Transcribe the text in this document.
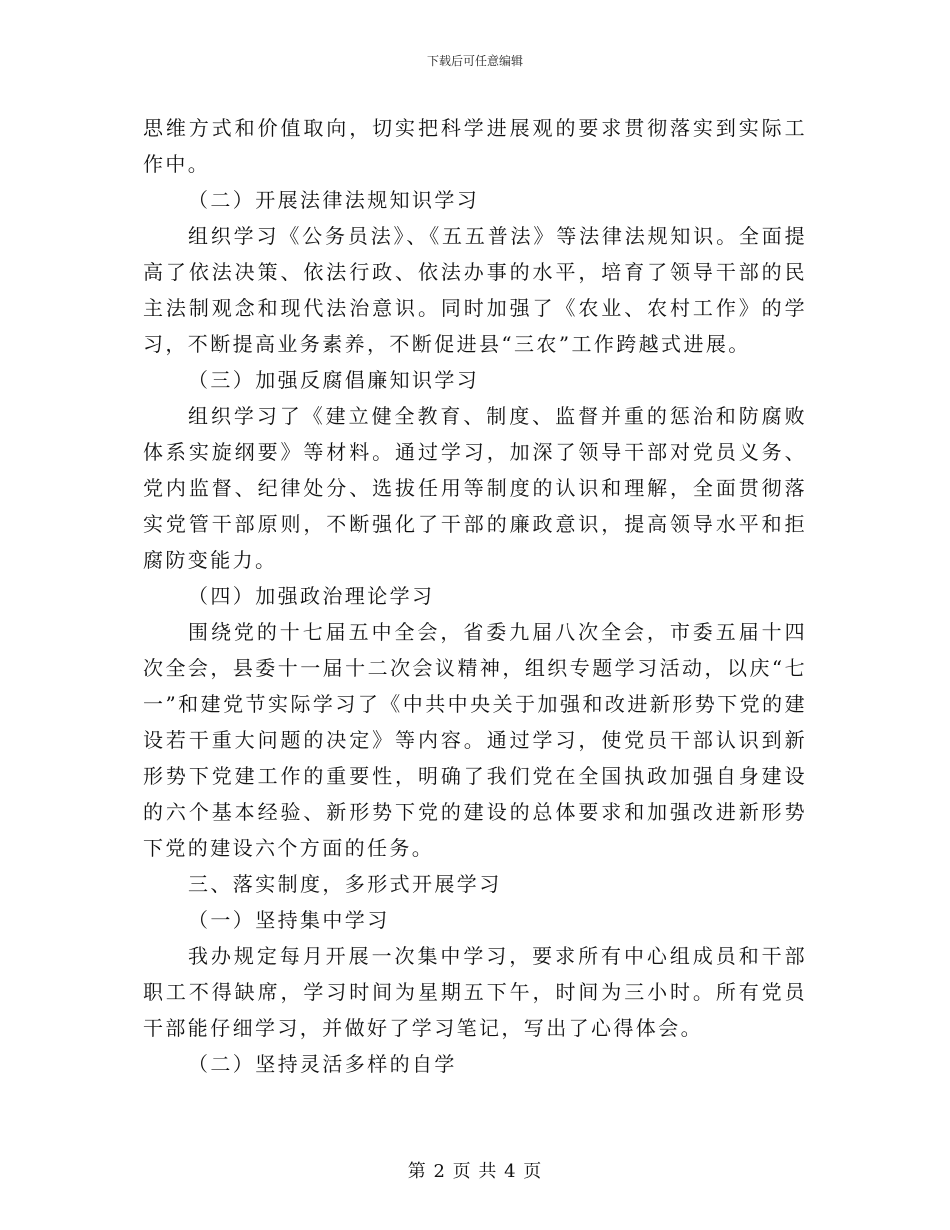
下载后可任意编辑

思维方式和价值取向，切实把科学进展观的要求贯彻落实到实际工作中。

（二）开展法律法规知识学习

组织学习《公务员法》、《五五普法》等法律法规知识。全面提高了依法决策、依法行政、依法办事的水平，培育了领导干部的民主法制观念和现代法治意识。同时加强了《农业、农村工作》的学习，不断提高业务素养，不断促进县“三农”工作跨越式进展。

（三）加强反腐倡廉知识学习

组织学习了《建立健全教育、制度、监督并重的惩治和防腐败体系实旋纲要》等材料。通过学习，加深了领导干部对党员义务、党内监督、纪律处分、选拔任用等制度的认识和理解，全面贯彻落实党管干部原则，不断强化了干部的廉政意识，提高领导水平和拒腐防变能力。

（四）加强政治理论学习

围绕党的十七届五中全会，省委九届八次全会，市委五届十四次全会，县委十一届十二次会议精神，组织专题学习活动，以庆“七一”和建党节实际学习了《中共中央关于加强和改进新形势下党的建设若干重大问题的决定》等内容。通过学习，使党员干部认识到新形势下党建工作的重要性，明确了我们党在全国执政加强自身建设的六个基本经验、新形势下党的建设的总体要求和加强改进新形势下党的建设六个方面的任务。

三、落实制度，多形式开展学习

（一）坚持集中学习

我办规定每月开展一次集中学习，要求所有中心组成员和干部职工不得缺席，学习时间为星期五下午，时间为三小时。所有党员干部能仔细学习，并做好了学习笔记，写出了心得体会。

（二）坚持灵活多样的自学

第 2 页 共 4 页
